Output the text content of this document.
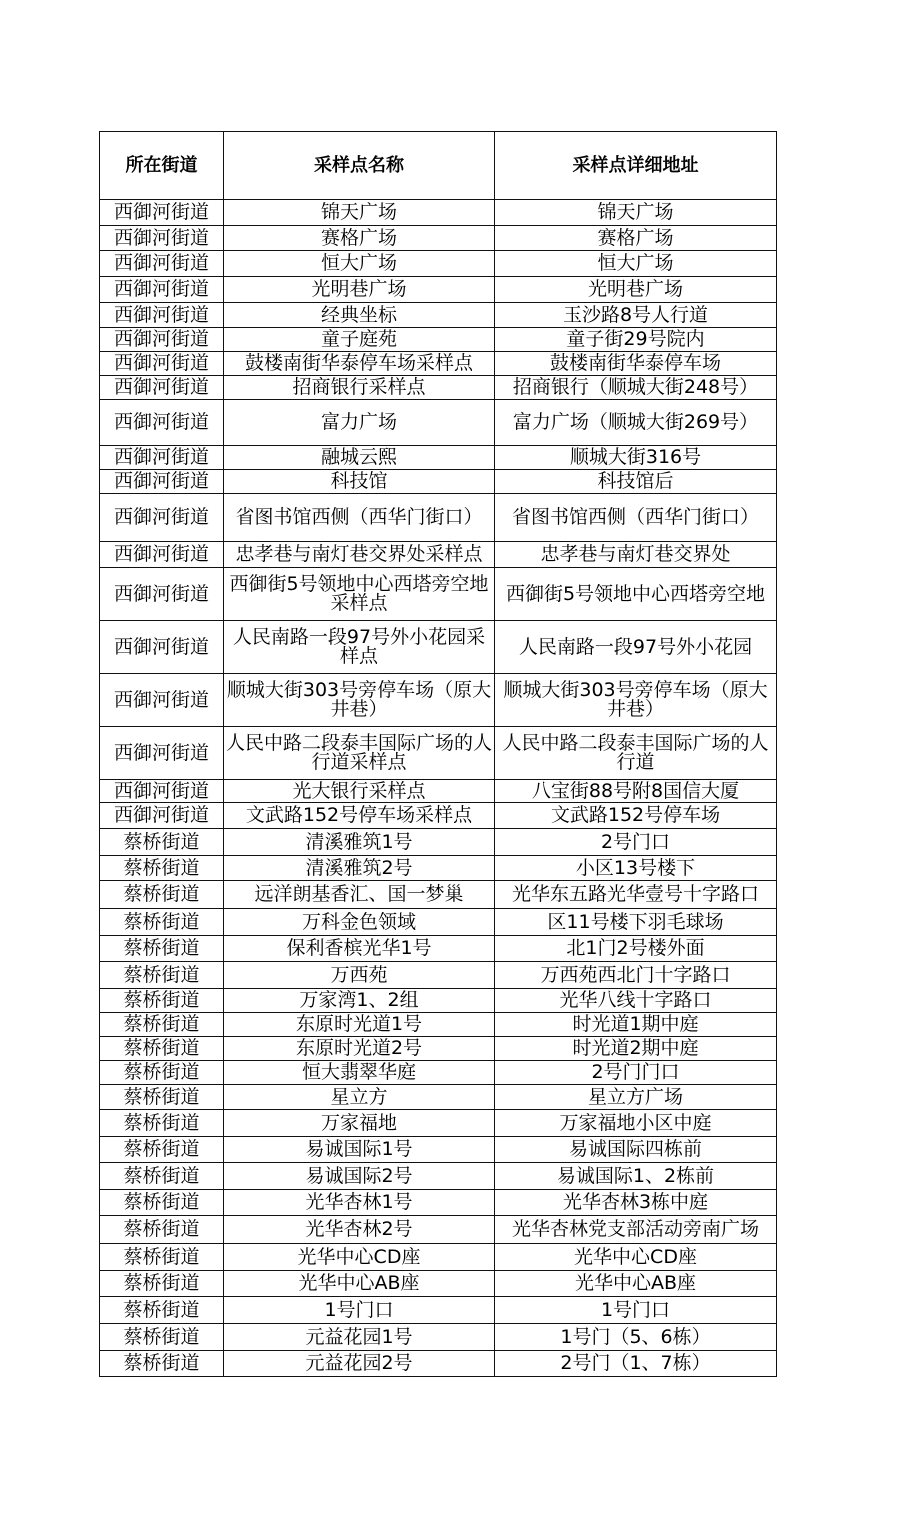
所在街道	采样点名称	采样点详细地址
西御河街道	锦天广场	锦天广场
西御河街道	赛格广场	赛格广场
西御河街道	恒大广场	恒大广场
西御河街道	光明巷广场	光明巷广场
西御河街道	经典坐标	玉沙路8号人行道
西御河街道	童子庭苑	童子街29号院内
西御河街道	鼓楼南街华泰停车场采样点	鼓楼南街华泰停车场
西御河街道	招商银行采样点	招商银行（顺城大街248号）
西御河街道	富力广场	富力广场（顺城大街269号）
西御河街道	融城云熙	顺城大街316号
西御河街道	科技馆	科技馆后
西御河街道	省图书馆西侧（西华门街口）	省图书馆西侧（西华门街口）
西御河街道	忠孝巷与南灯巷交界处采样点	忠孝巷与南灯巷交界处
西御河街道	西御街5号领地中心西塔旁空地采样点	西御街5号领地中心西塔旁空地
西御河街道	人民南路一段97号外小花园采样点	人民南路一段97号外小花园
西御河街道	顺城大街303号旁停车场（原大井巷）	顺城大街303号旁停车场（原大井巷）
西御河街道	人民中路二段泰丰国际广场的人行道采样点	人民中路二段泰丰国际广场的人行道
西御河街道	光大银行采样点	八宝街88号附8国信大厦
西御河街道	文武路152号停车场采样点	文武路152号停车场
蔡桥街道	清溪雅筑1号	2号门口
蔡桥街道	清溪雅筑2号	小区13号楼下
蔡桥街道	远洋朗基香汇、国一梦巢	光华东五路光华壹号十字路口
蔡桥街道	万科金色领域	区11号楼下羽毛球场
蔡桥街道	保利香槟光华1号	北1门2号楼外面
蔡桥街道	万西苑	万西苑西北门十字路口
蔡桥街道	万家湾1、2组	光华八线十字路口
蔡桥街道	东原时光道1号	时光道1期中庭
蔡桥街道	东原时光道2号	时光道2期中庭
蔡桥街道	恒大翡翠华庭	2号门门口
蔡桥街道	星立方	星立方广场
蔡桥街道	万家福地	万家福地小区中庭
蔡桥街道	易诚国际1号	易诚国际四栋前
蔡桥街道	易诚国际2号	易诚国际1、2栋前
蔡桥街道	光华杏林1号	光华杏林3栋中庭
蔡桥街道	光华杏林2号	光华杏林党支部活动旁南广场
蔡桥街道	光华中心CD座	光华中心CD座
蔡桥街道	光华中心AB座	光华中心AB座
蔡桥街道	1号门口	1号门口
蔡桥街道	元益花园1号	1号门（5、6栋）
蔡桥街道	元益花园2号	2号门（1、7栋）
